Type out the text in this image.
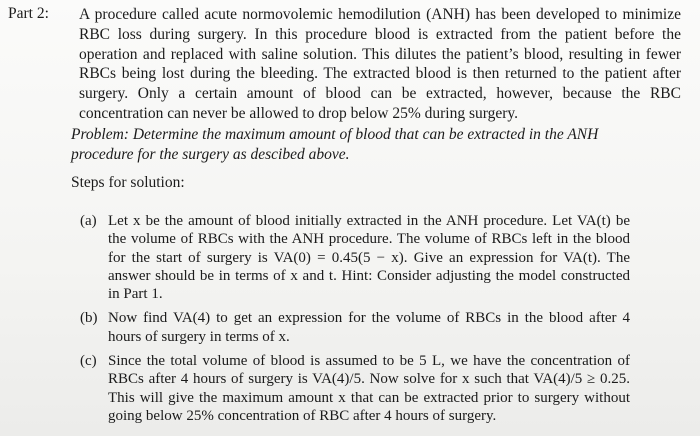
Part 2: A procedure called acute normovolemic hemodilution (ANH) has been developed to minimize RBC loss during surgery. In this procedure blood is extracted from the patient before the operation and replaced with saline solution. This dilutes the patient’s blood, resulting in fewer RBCs being lost during the bleeding. The extracted blood is then returned to the patient after surgery. Only a certain amount of blood can be extracted, however, because the RBC concentration can never be allowed to drop below 25% during surgery.
Problem: Determine the maximum amount of blood that can be extracted in the ANH procedure for the surgery as descibed above.
Steps for solution:
(a) Let x be the amount of blood initially extracted in the ANH procedure. Let VA(t) be the volume of RBCs with the ANH procedure. The volume of RBCs left in the blood for the start of surgery is VA(0) = 0.45(5 − x). Give an expression for VA(t). The answer should be in terms of x and t. Hint: Consider adjusting the model constructed in Part 1.
(b) Now find VA(4) to get an expression for the volume of RBCs in the blood after 4 hours of surgery in terms of x.
(c) Since the total volume of blood is assumed to be 5 L, we have the concentration of RBCs after 4 hours of surgery is VA(4)/5. Now solve for x such that VA(4)/5 ≥ 0.25. This will give the maximum amount x that can be extracted prior to surgery without going below 25% concentration of RBC after 4 hours of surgery.
